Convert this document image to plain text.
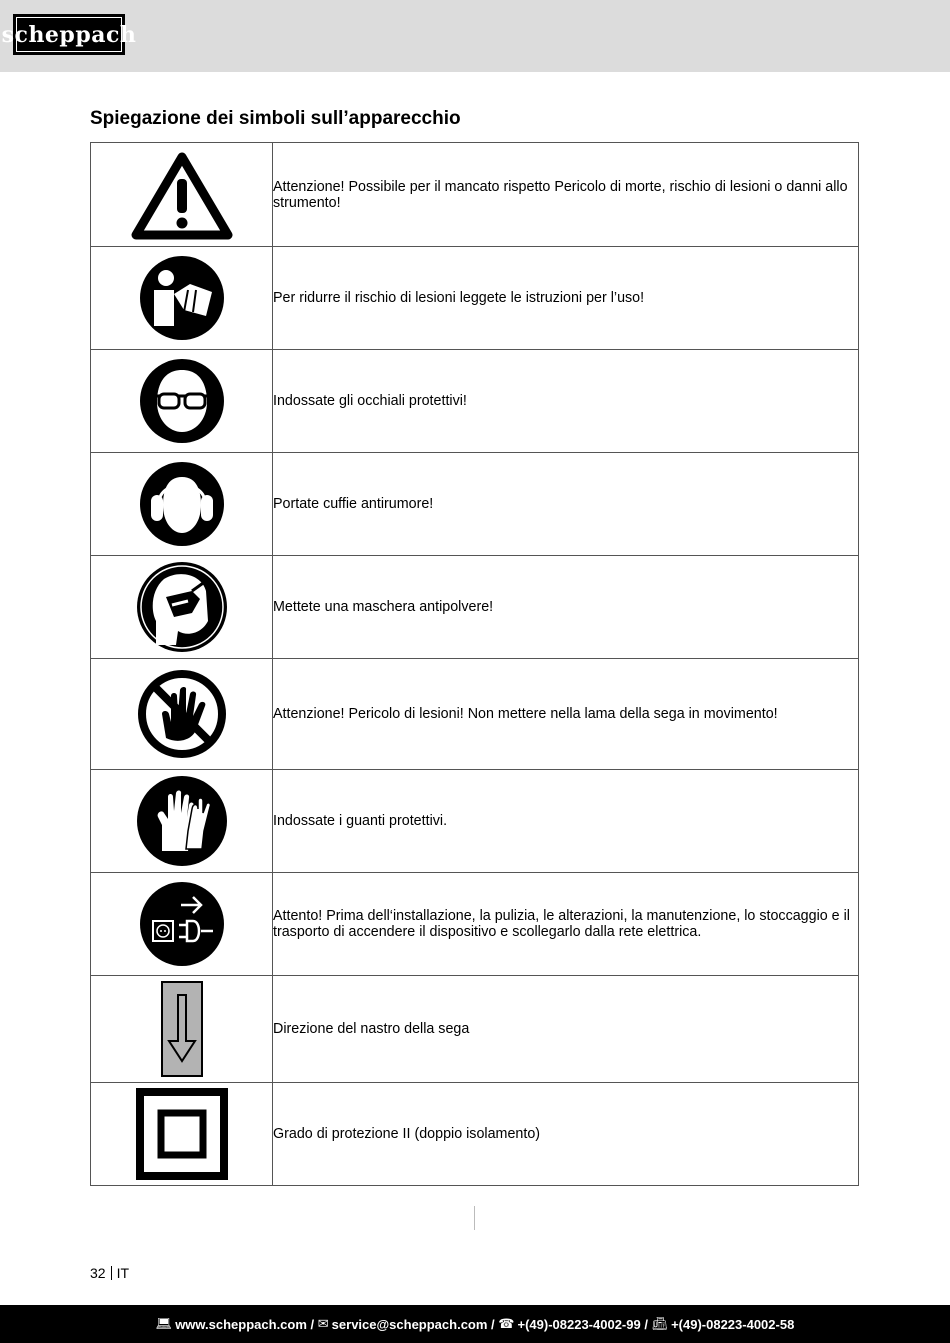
scheppach
Spiegazione dei simboli sull’apparecchio
	Attenzione! Possibile per il mancato rispetto Pericolo di morte, rischio di lesioni o danni allo strumento!

	Per ridurre il rischio di lesioni leggete le istruzioni per l’uso!

	Indossate gli occhiali protettivi!

	Portate cuffie antirumore!

	Mettete una maschera antipolvere!

	Attenzione! Pericolo di lesioni! Non mettere nella lama della sega in movimento!

	Indossate i guanti protettivi.

	Attento! Prima dell‘installazione, la pulizia, le alterazioni, la manutenzione, lo stoccaggio e il trasporto di accendere il dispositivo e scollegarlo dalla rete elettrica.

	Direzione del nastro della sega

	Grado di protezione II (doppio isolamento)
32 IT
💻︎ www.scheppach.com / ✉︎ service@scheppach.com / ☎︎ +(49)-08223-4002-99 / 📠︎ +(49)-08223-4002-58
